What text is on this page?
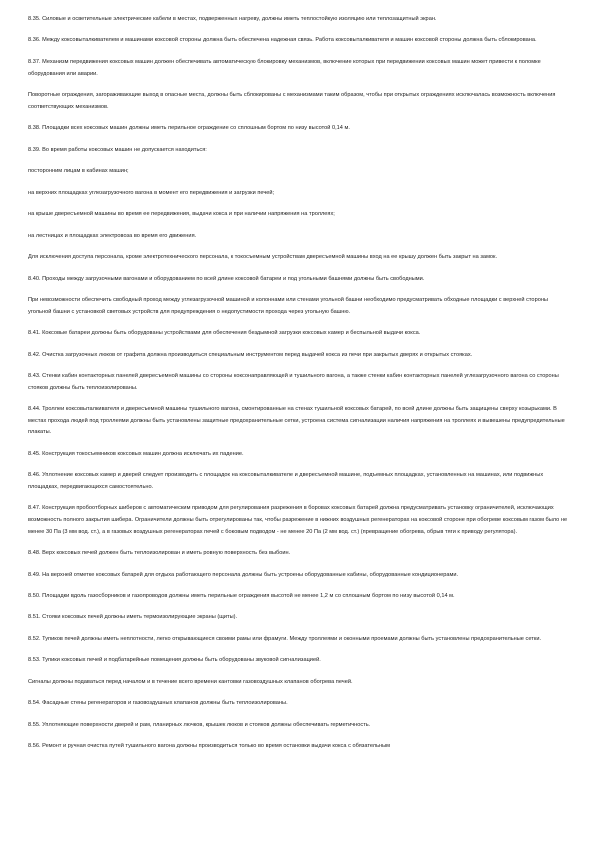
8.35. Силовые и осветительные электрические кабели в местах, подверженных нагреву, должны иметь теплостойкую изоляцию или теплозащитный экран.

8.36. Между коксовыталкивателем и машинами коксовой стороны должна быть обеспечена надежная связь. Работа коксовыталкивателя и машин коксовой стороны должна быть сблокирована.

8.37. Механизм передвижения коксовых машин должен обеспечивать автоматическую блокировку механизмов, включение которых при передвижении коксовых машин может привести к поломке оборудования или аварии.

Поворотные ограждения, загораживающие выход в опасные места, должны быть сблокированы с механизмами таким образом, чтобы при открытых ограждениях исключалась возможность включения соответствующих механизмов.

8.38. Площадки всех коксовых машин должны иметь перильное ограждение со сплошным бортом по низу высотой 0,14 м.

8.39. Во время работы коксовых машин не допускается находиться:

посторонним лицам в кабинах машин;

на верхних площадках углезагрузочного вагона в момент его передвижения и загрузки печей;

на крыше двересъемной машины во время ее передвижения, выдачи кокса и при наличии напряжения на троллеях;

на лестницах и площадках электровоза во время его движения.

Для исключения доступа персонала, кроме электротехнического персонала, к токосъемным устройствам двересъемной машины вход на ее крышу должен быть закрыт на замок.

8.40. Проходы между загрузочными вагонами и оборудованием по всей длине коксовой батареи и под угольными башнями должны быть свободными.

При невозможности обеспечить свободный проход между углезагрузочной машиной и колоннами или стенами угольной башни необходимо предусматривать обходные площадки с верхней стороны угольной башни с установкой световых устройств для предупреждения о недопустимости прохода через угольную башню.

8.41. Коксовые батареи должны быть оборудованы устройствами для обеспечения бездымной загрузки коксовых камер и беспыльной выдачи кокса.

8.42. Очистка загрузочных люков от графита должна производиться специальным инструментом перед выдачей кокса из печи при закрытых дверях и открытых стояках.

8.43. Стенки кабин контакторных панелей двересъемной машины со стороны коксонаправляющей и тушильного вагона, а также стенки кабин контакторных панелей углезагрузочного вагона со стороны стояков должны быть теплоизолированы.

8.44. Троллеи коксовыталкивателя и двересъемной машины тушильного вагона, смонтированные на стенах тушильной коксовых батарей, по всей длине должны быть защищены сверху козырьками. В местах прохода людей под троллеями должны быть установлены защитные предохранительные сетки, устроена система сигнализации наличия напряжения на троллеях и вывешены предупредительные плакаты.

8.45. Конструкция токосъемников коксовых машин должна исключать их падение.

8.46. Уплотнение коксовых камер и дверей следует производить с площадок на коксовыталкивателе и двересъемной машине, подъемных площадках, установленных на машинах, или подвижных площадках, передвигающихся самостоятельно.

8.47. Конструкция пробоотборных шиберов с автоматическим приводом для регулирования разрежения в боровах коксовых батарей должна предусматривать установку ограничителей, исключающих возможность полного закрытия шибера. Ограничители должны быть отрегулированы так, чтобы разрежение в нижних воздушных регенераторах на коксовой стороне при обогреве коксовым газом было не менее 30 Па (3 мм вод. ст.), а в газовых воздушных регенераторах печей с боковым подводом - не менее 20 Па (2 мм вод. ст.) (превращение обогрева, обрыв тяги к приводу регулятора).

8.48. Верх коксовых печей должен быть теплоизолирован и иметь ровную поверхность без выбоин.

8.49. На верхней отметке коксовых батарей для отдыха работающего персонала должны быть устроены оборудованные кабины, оборудованные кондиционерами.

8.50. Площадки вдоль газосборников и газопроводов должны иметь перильные ограждения высотой не менее 1,2 м со сплошным бортом по низу высотой 0,14 м.

8.51. Стояки коксовых печей должны иметь термоизолирующие экраны (щиты).

8.52. Тупиков печей должны иметь неплотности, легко открывающиеся своими рамы или фрамуги. Между троллеями и оконными проемами должны быть установлены предохранительные сетки.

8.53. Тупики коксовых печей и подбатарейные помещения должны быть оборудованы звуковой сигнализацией.

Сигналы должны подаваться перед началом и в течение всего времени кантовки газовоздушных клапанов обогрева печей.

8.54. Фасадные стены регенераторов и газовоздушных клапанов должны быть теплоизолированы.

8.55. Уплотняющие поверхности дверей и рам, планирных лючков, крышек люков и стояков должны обеспечивать герметичность.

8.56. Ремонт и ручная очистка путей тушильного вагона должны производиться только во время остановки выдачи кокса с обязательным
